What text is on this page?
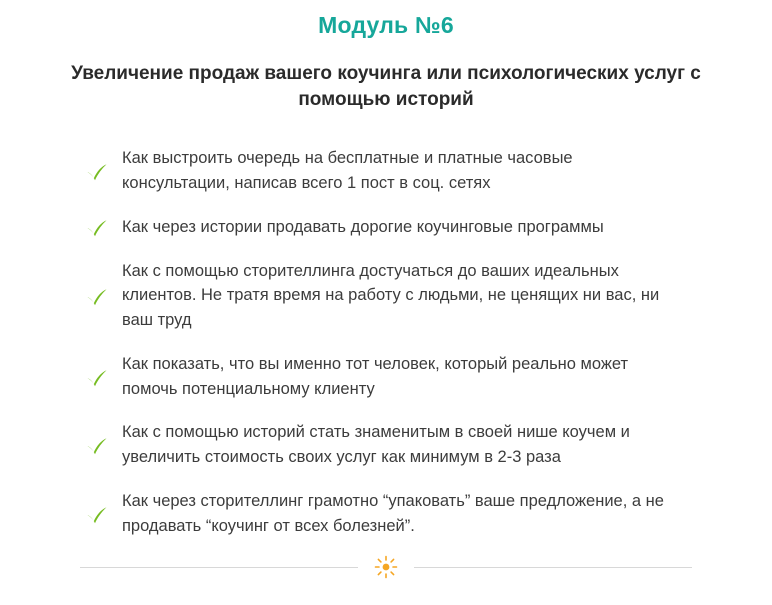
Модуль №6
Увеличение продаж вашего коучинга или психологических услуг с помощью историй
Как выстроить очередь на бесплатные и платные часовые консультации, написав всего 1 пост в соц. сетях
Как через истории продавать дорогие коучинговые программы
Как с помощью сторителлинга достучаться до ваших идеальных клиентов. Не тратя время на работу с людьми, не ценящих ни вас, ни ваш труд
Как показать, что вы именно тот человек, который реально может помочь потенциальному клиенту
Как с помощью историй стать знаменитым в своей нише коучем и увеличить стоимость своих услуг как минимум в 2-3 раза
Как через сторителлинг грамотно “упаковать” ваше предложение, а не продавать “коучинг от всех болезней”.
